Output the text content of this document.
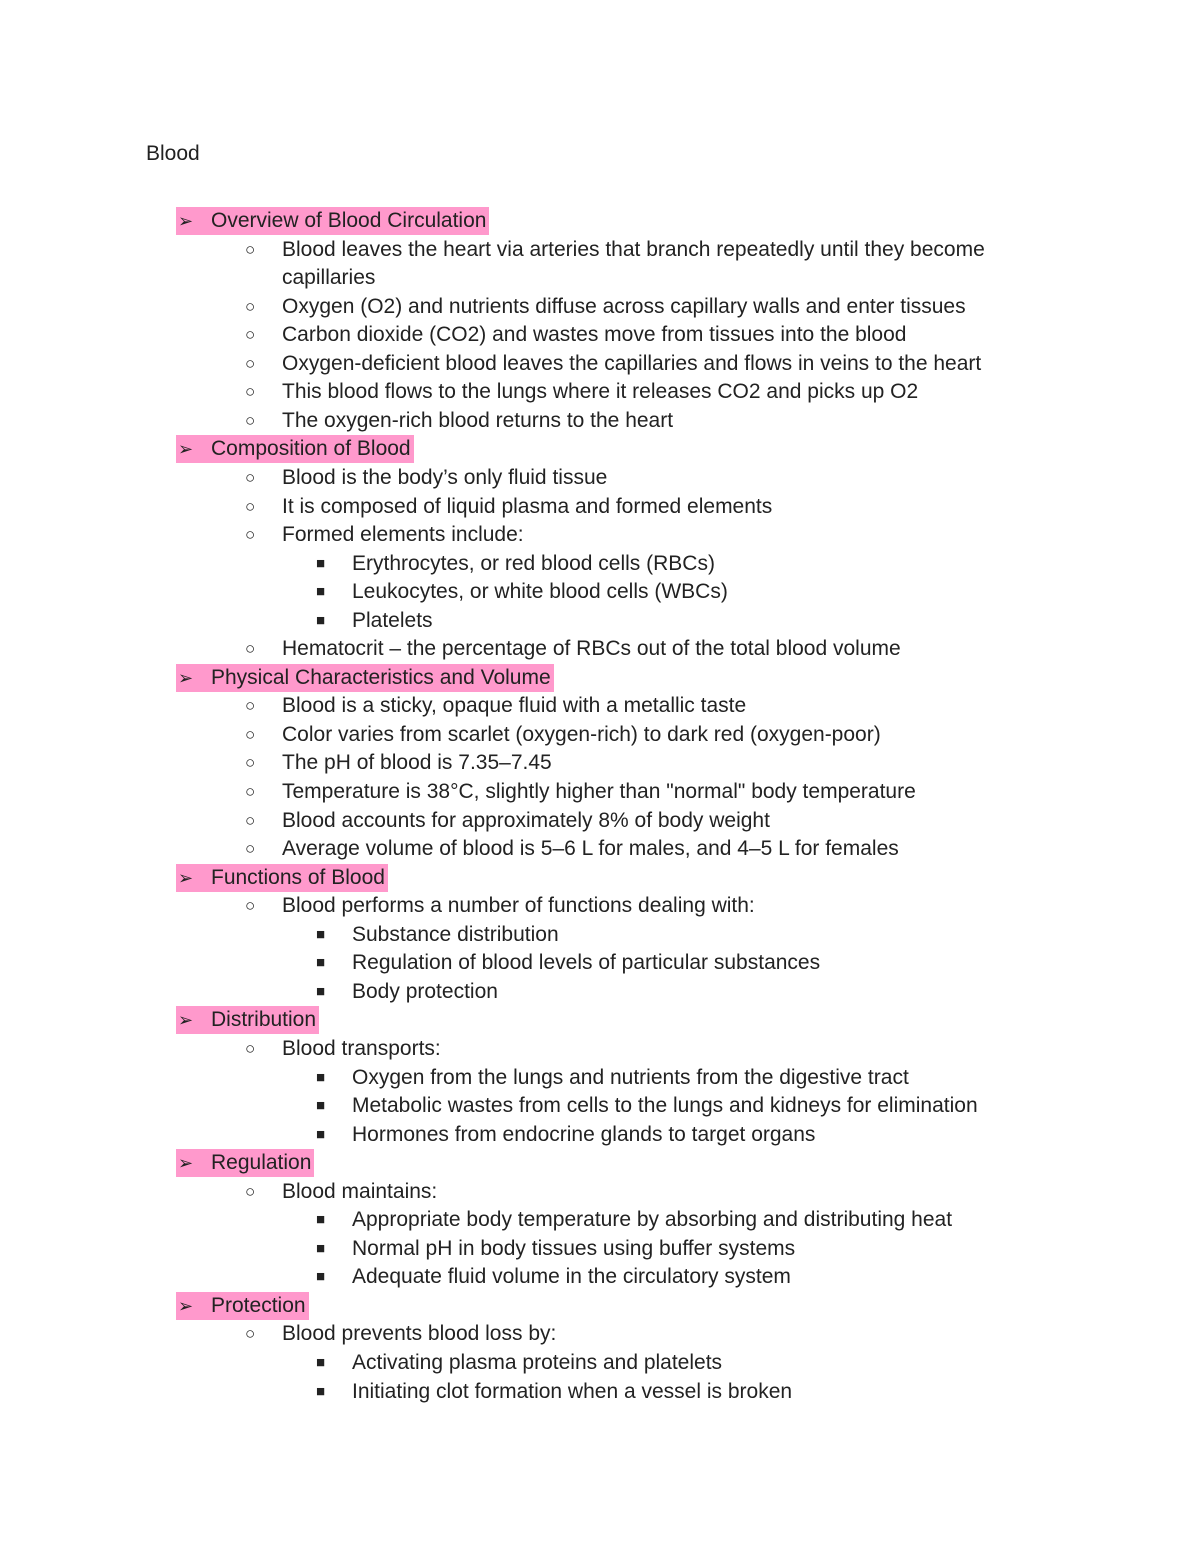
Blood
➢ Overview of Blood Circulation
○ Blood leaves the heart via arteries that branch repeatedly until they become
capillaries
○ Oxygen (O2) and nutrients diffuse across capillary walls and enter tissues
○ Carbon dioxide (CO2) and wastes move from tissues into the blood
○ Oxygen-deficient blood leaves the capillaries and flows in veins to the heart
○ This blood flows to the lungs where it releases CO2 and picks up O2
○ The oxygen-rich blood returns to the heart
➢ Composition of Blood
○ Blood is the body’s only fluid tissue
○ It is composed of liquid plasma and formed elements
○ Formed elements include:
■ Erythrocytes, or red blood cells (RBCs)
■ Leukocytes, or white blood cells (WBCs)
■ Platelets
○ Hematocrit – the percentage of RBCs out of the total blood volume
➢ Physical Characteristics and Volume
○ Blood is a sticky, opaque fluid with a metallic taste
○ Color varies from scarlet (oxygen-rich) to dark red (oxygen-poor)
○ The pH of blood is 7.35–7.45
○ Temperature is 38°C, slightly higher than "normal" body temperature
○ Blood accounts for approximately 8% of body weight
○ Average volume of blood is 5–6 L for males, and 4–5 L for females
➢ Functions of Blood
○ Blood performs a number of functions dealing with:
■ Substance distribution
■ Regulation of blood levels of particular substances
■ Body protection
➢ Distribution
○ Blood transports:
■ Oxygen from the lungs and nutrients from the digestive tract
■ Metabolic wastes from cells to the lungs and kidneys for elimination
■ Hormones from endocrine glands to target organs
➢ Regulation
○ Blood maintains:
■ Appropriate body temperature by absorbing and distributing heat
■ Normal pH in body tissues using buffer systems
■ Adequate fluid volume in the circulatory system
➢ Protection
○ Blood prevents blood loss by:
■ Activating plasma proteins and platelets
■ Initiating clot formation when a vessel is broken
